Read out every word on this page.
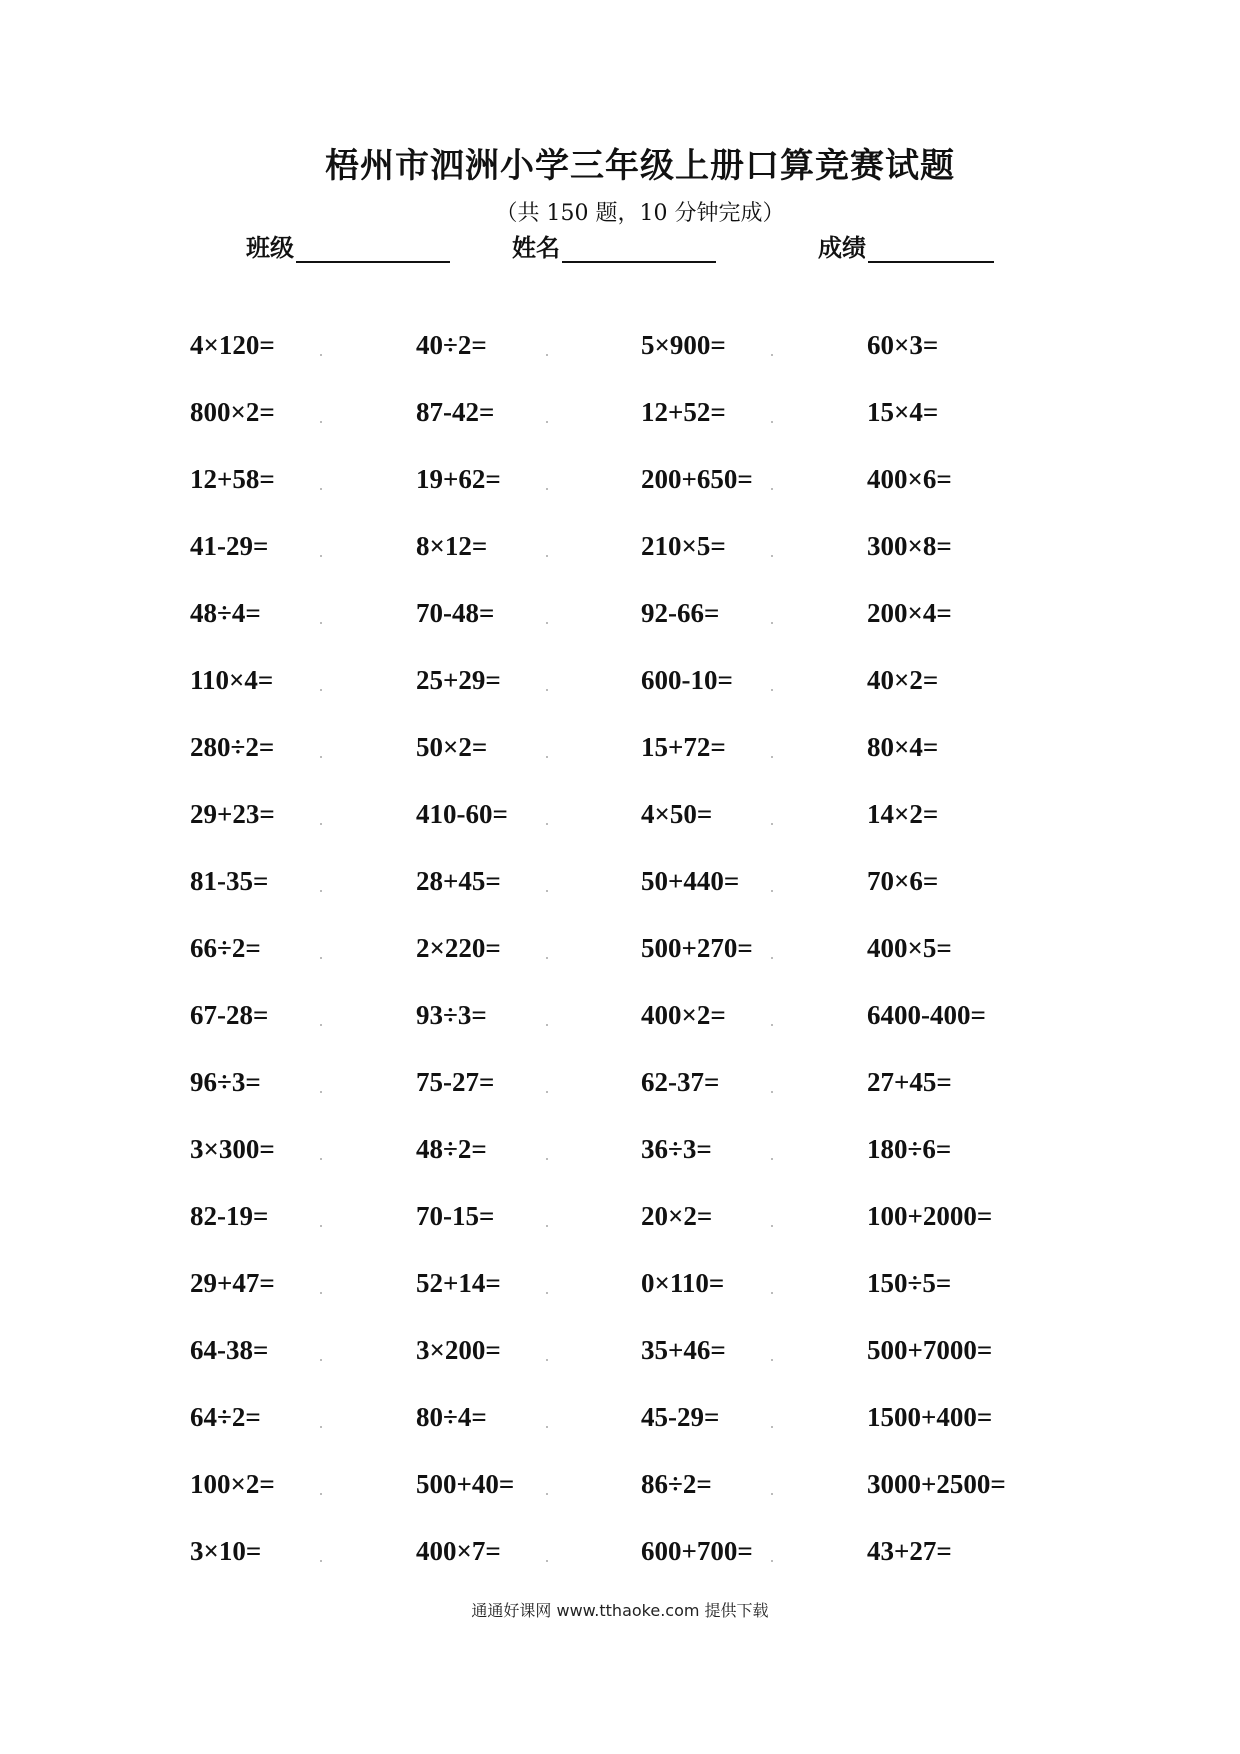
梧州市泗洲小学三年级上册口算竞赛试题
（共 150 题，10 分钟完成）
班级	姓名	成绩
4×120=	40÷2=	5×900=	60×3=
800×2=	87-42=	12+52=	15×4=
12+58=	19+62=	200+650=	400×6=
41-29=	8×12=	210×5=	300×8=
48÷4=	70-48=	92-66=	200×4=
110×4=	25+29=	600-10=	40×2=
280÷2=	50×2=	15+72=	80×4=
29+23=	410-60=	4×50=	14×2=
81-35=	28+45=	50+440=	70×6=
66÷2=	2×220=	500+270=	400×5=
67-28=	93÷3=	400×2=	6400-400=
96÷3=	75-27=	62-37=	27+45=
3×300=	48÷2=	36÷3=	180÷6=
82-19=	70-15=	20×2=	100+2000=
29+47=	52+14=	0×110=	150÷5=
64-38=	3×200=	35+46=	500+7000=
64÷2=	80÷4=	45-29=	1500+400=
100×2=	500+40=	86÷2=	3000+2500=
3×10=	400×7=	600+700=	43+27=
通通好课网 www.tthaoke.com 提供下载
